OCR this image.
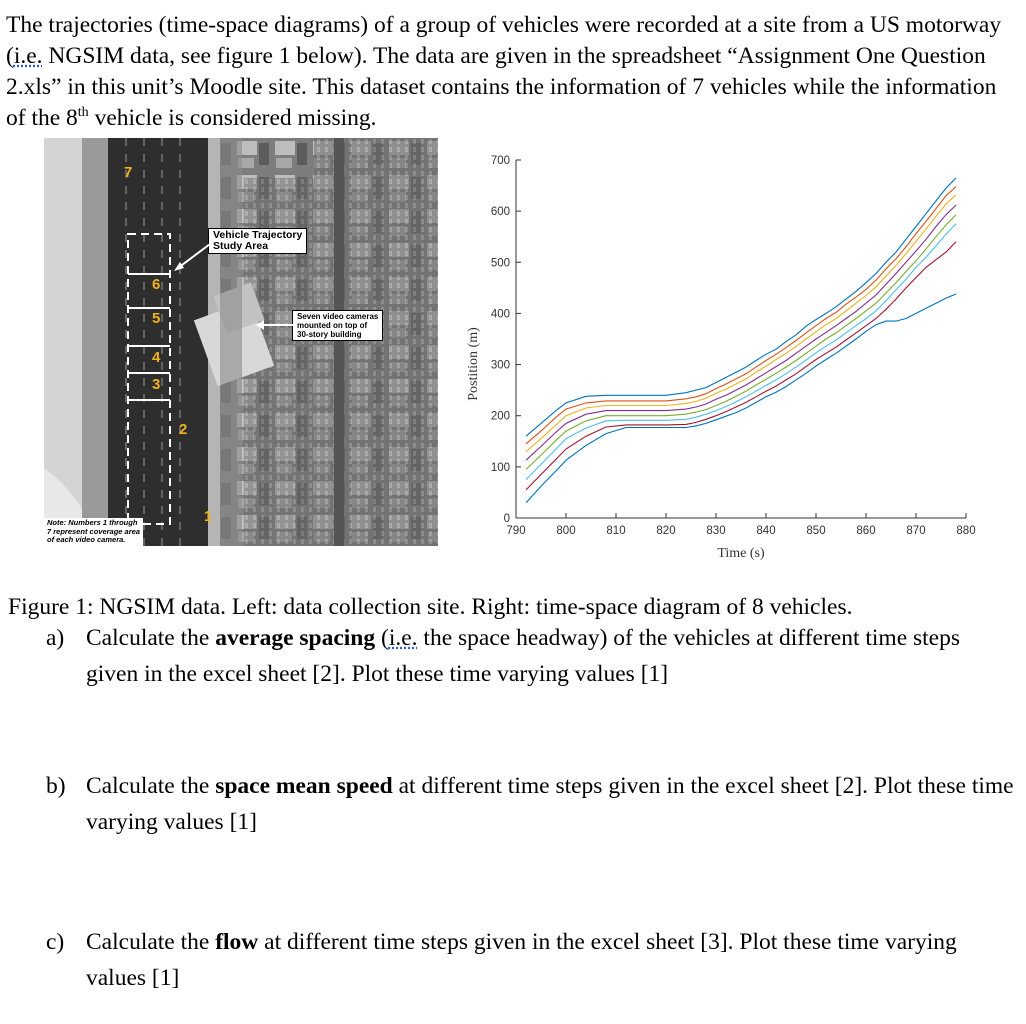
The trajectories (time-space diagrams) of a group of vehicles were recorded at a site from a US motorway (i.e. NGSIM data, see figure 1 below). The data are given in the spreadsheet “Assignment One Question 2.xls” in this unit’s Moodle site. This dataset contains the information of 7 vehicles while the information of the 8th vehicle is considered missing.
7
6
5
4
3
2
1
Vehicle Trajectory
Study Area
Seven video cameras
mounted on top of
30-story building
Note: Numbers 1 through
7 represent coverage area
of each video camera.
790	800	810	820	830	840	850	860	870	880
0
100
200
300
400
500
600
700
Time (s)
Postition (m)
Figure 1: NGSIM data. Left: data collection site. Right: time-space diagram of 8 vehicles.
a) Calculate the average spacing (i.e. the space headway) of the vehicles at different time steps given in the excel sheet [2]. Plot these time varying values [1]
b) Calculate the space mean speed at different time steps given in the excel sheet [2]. Plot these time varying values [1]
c) Calculate the flow at different time steps given in the excel sheet [3]. Plot these time varying values [1]
